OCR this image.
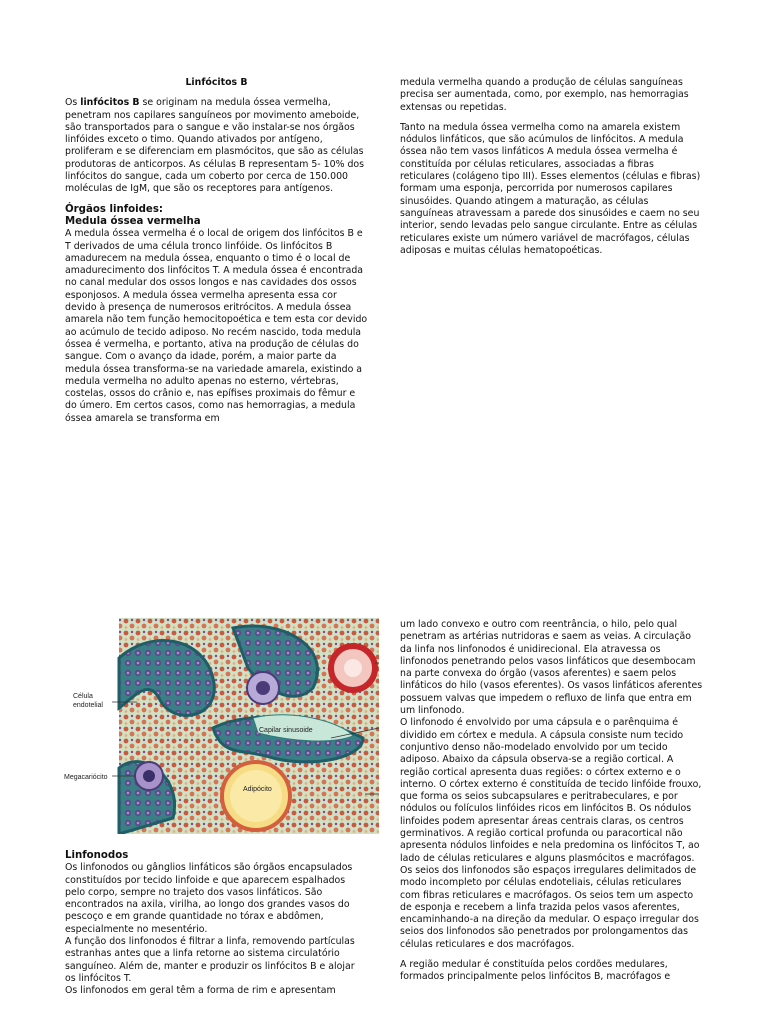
Linfócitos B

Os linfócitos B se originam na medula óssea vermelha, penetram nos capilares sanguíneos por movimento ameboide, são transportados para o sangue e vão instalar-se nos órgãos linfóides exceto o timo. Quando ativados por antígeno, proliferam e se diferenciam em plasmócitos, que são as células produtoras de anticorpos. As células B representam 5- 10% dos linfócitos do sangue, cada um coberto por cerca de 150.000 moléculas de IgM, que são os receptores para antígenos.

Órgãos linfoides:
Medula óssea vermelha

A medula óssea vermelha é o local de origem dos linfócitos B e T derivados de uma célula tronco linfóide. Os linfócitos B amadurecem na medula óssea, enquanto o timo é o local de amadurecimento dos linfócitos T. A medula óssea é encontrada no canal medular dos ossos longos e nas cavidades dos ossos esponjosos. A medula óssea vermelha apresenta essa cor devido à presença de numerosos eritrócitos. A medula óssea amarela não tem função hemocitopoética e tem esta cor devido ao acúmulo de tecido adiposo. No recém nascido, toda medula óssea é vermelha, e portanto, ativa na produção de células do sangue. Com o avanço da idade, porém, a maior parte da medula óssea transforma-se na variedade amarela, existindo a medula vermelha no adulto apenas no esterno, vértebras, costelas, ossos do crânio e, nas epífises proximais do fêmur e do úmero. Em certos casos, como nas hemorragias, a medula óssea amarela se transforma em

medula vermelha quando a produção de células sanguíneas precisa ser aumentada, como, por exemplo, nas hemorragias extensas ou repetidas.

Tanto na medula óssea vermelha como na amarela existem nódulos linfáticos, que são acúmulos de linfócitos. A medula óssea não tem vasos linfáticos A medula óssea vermelha é constituída por células reticulares, associadas a fibras reticulares (colágeno tipo III). Esses elementos (células e fibras) formam uma esponja, percorrida por numerosos capilares sinusóides. Quando atingem a maturação, as células sanguíneas atravessam a parede dos sinusóides e caem no seu interior, sendo levadas pelo sangue circulante. Entre as células reticulares existe um número variável de macrófagos, células adiposas e muitas células hematopoéticas.

Célula
endotelial
Capilar sinusoide
Megacariócito
Adipócito
Linfonodos
Os linfonodos ou gânglios linfáticos são órgãos encapsulados constituídos por tecido linfoide e que aparecem espalhados pelo corpo, sempre no trajeto dos vasos linfáticos. São encontrados na axila, virilha, ao longo dos grandes vasos do pescoço e em grande quantidade no tórax e abdômen, especialmente no mesentério.
A função dos linfonodos é filtrar a linfa, removendo partículas estranhas antes que a linfa retorne ao sistema circulatório sanguíneo. Além de, manter e produzir os linfócitos B e alojar os linfócitos T.
Os linfonodos em geral têm a forma de rim e apresentam

um lado convexo e outro com reentrância, o hilo, pelo qual penetram as artérias nutridoras e saem as veias. A circulação da linfa nos linfonodos é unidirecional. Ela atravessa os linfonodos penetrando pelos vasos linfáticos que desembocam na parte convexa do órgão (vasos aferentes) e saem pelos linfáticos do hilo (vasos eferentes). Os vasos linfáticos aferentes possuem valvas que impedem o refluxo de linfa que entra em um linfonodo.

O linfonodo é envolvido por uma cápsula e o parênquima é dividido em córtex e medula. A cápsula consiste num tecido conjuntivo denso não-modelado envolvido por um tecido adiposo. Abaixo da cápsula observa-se a região cortical. A região cortical apresenta duas regiões: o córtex externo e o interno. O córtex externo é constituída de tecido linfóide frouxo, que forma os seios subcapsulares e peritrabeculares, e por nódulos ou folículos linfóides ricos em linfócitos B. Os nódulos linfoides podem apresentar áreas centrais claras, os centros germinativos. A região cortical profunda ou paracortical não apresenta nódulos linfoides e nela predomina os linfócitos T, ao lado de células reticulares e alguns plasmócitos e macrófagos. Os seios dos linfonodos são espaços irregulares delimitados de modo incompleto por células endoteliais, células reticulares com fibras reticulares e macrófagos. Os seios tem um aspecto de esponja e recebem a linfa trazida pelos vasos aferentes, encaminhando-a na direção da medular. O espaço irregular dos seios dos linfonodos são penetrados por prolongamentos das células reticulares e dos macrófagos.

A região medular é constituída pelos cordões medulares, formados principalmente pelos linfócitos B, macrófagos e
